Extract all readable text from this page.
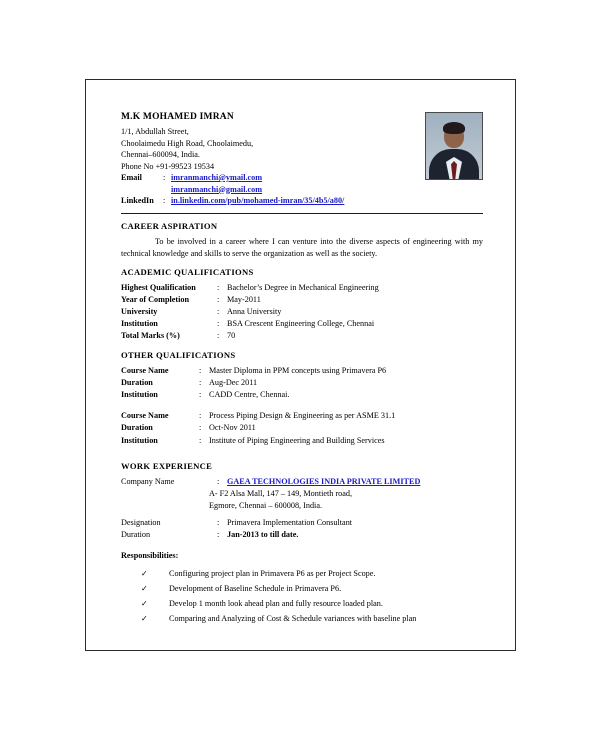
M.K MOHAMED IMRAN
1/1, Abdullah Street,
Choolaimedu High Road, Choolaimedu,
Chennai–600094, India.
Phone No +91-99523 19534
Email	: imranmanchi@ymail.com
imranmanchi@gmail.com
LinkedIn	: in.linkedin.com/pub/mohamed-imran/35/4b5/a80/
CAREER ASPIRATION
To be involved in a career where I can venture into the diverse aspects of engineering with my technical knowledge and skills to serve the organization as well as the society.
ACADEMIC QUALIFICATIONS
Highest Qualification	: Bachelor’s Degree in Mechanical Engineering
Year of Completion	: May-2011
University	: Anna University
Institution	: BSA Crescent Engineering College, Chennai
Total Marks (%)	: 70
OTHER QUALIFICATIONS
Course Name	: Master Diploma in PPM concepts using Primavera P6
Duration	: Aug-Dec 2011
Institution	: CADD Centre, Chennai.
Course Name	: Process Piping Design & Engineering as per ASME 31.1
Duration	: Oct-Nov 2011
Institution	: Institute of Piping Engineering and Building Services
WORK EXPERIENCE
Company Name	: GAEA TECHNOLOGIES INDIA PRIVATE LIMITED
A- F2 Alsa Mall, 147 – 149, Montieth road,
Egmore, Chennai – 600008, India.
Designation	: Primavera Implementation Consultant
Duration	: Jan-2013 to till date.
Responsibilities:
✓	Configuring project plan in Primavera P6 as per Project Scope.
✓	Development of Baseline Schedule in Primavera P6.
✓	Develop 1 month look ahead plan and fully resource loaded plan.
✓	Comparing and Analyzing of Cost & Schedule variances with baseline plan
